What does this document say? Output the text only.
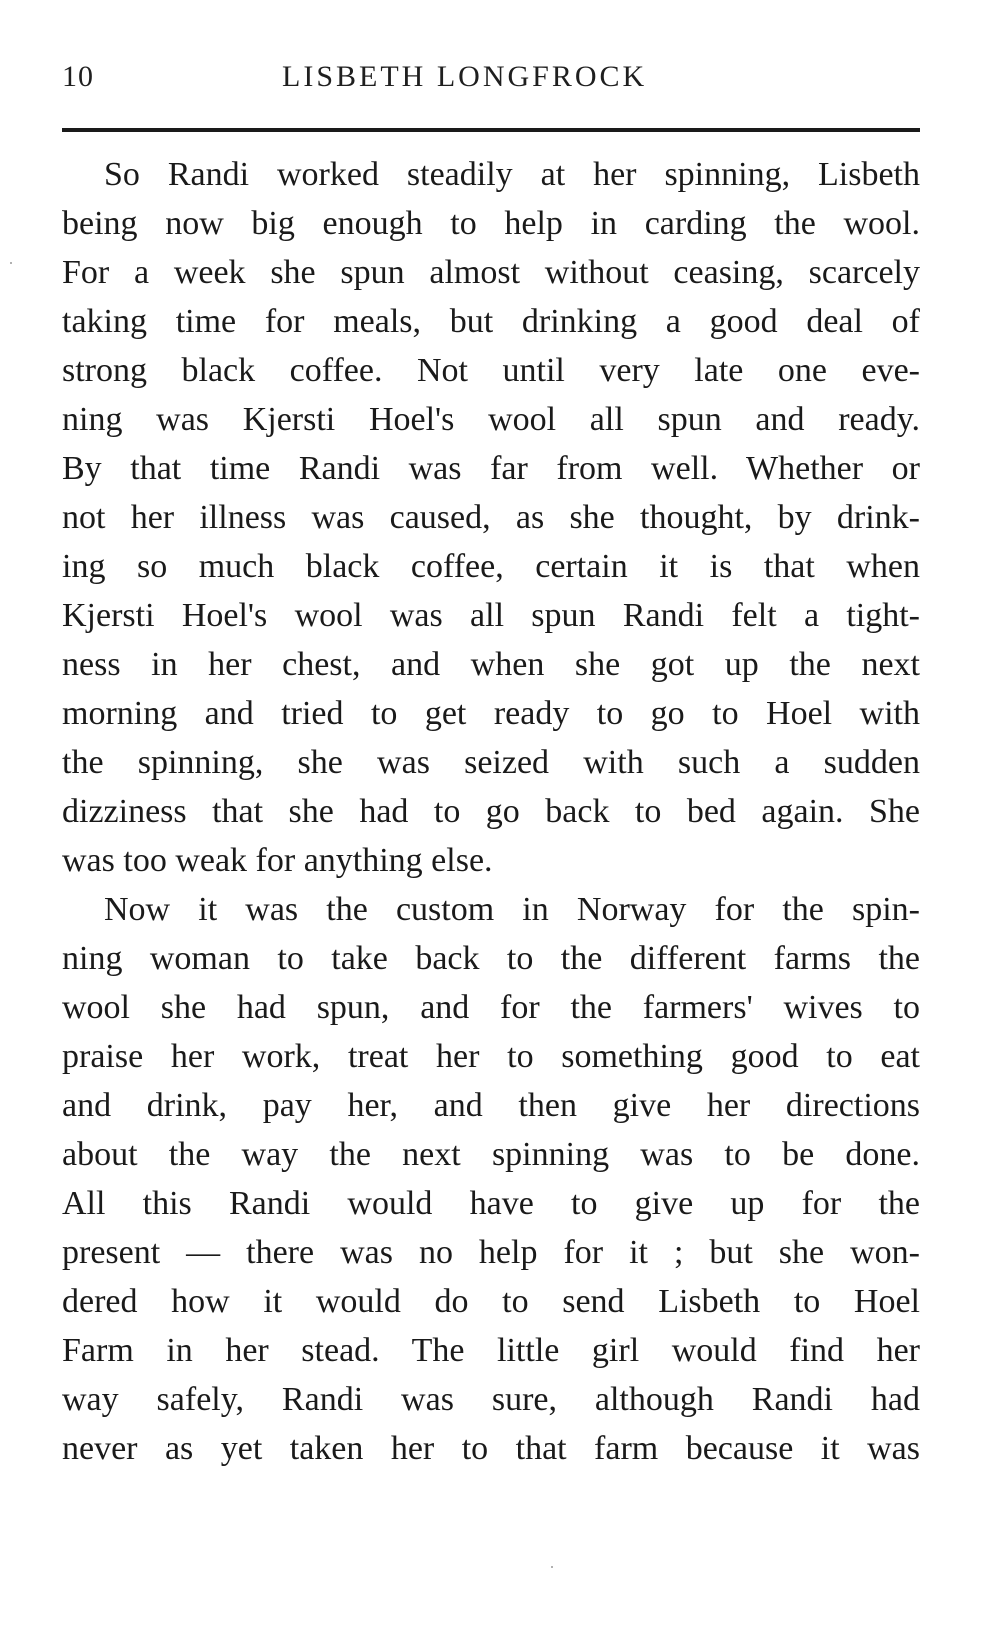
10	LISBETH LONGFROCK
So Randi worked steadily at her spinning, Lisbeth
being now big enough to help in carding the wool.
For a week she spun almost without ceasing, scarcely
taking time for meals, but drinking a good deal of
strong black coffee. Not until very late one eve-
ning was Kjersti Hoel's wool all spun and ready.
By that time Randi was far from well. Whether or
not her illness was caused, as she thought, by drink-
ing so much black coffee, certain it is that when
Kjersti Hoel's wool was all spun Randi felt a tight-
ness in her chest, and when she got up the next
morning and tried to get ready to go to Hoel with
the spinning, she was seized with such a sudden
dizziness that she had to go back to bed again. She
was too weak for anything else.
Now it was the custom in Norway for the spin-
ning woman to take back to the different farms the
wool she had spun, and for the farmers' wives to
praise her work, treat her to something good to eat
and drink, pay her, and then give her directions
about the way the next spinning was to be done.
All this Randi would have to give up for the
present — there was no help for it ; but she won-
dered how it would do to send Lisbeth to Hoel
Farm in her stead. The little girl would find her
way safely, Randi was sure, although Randi had
never as yet taken her to that farm because it was
